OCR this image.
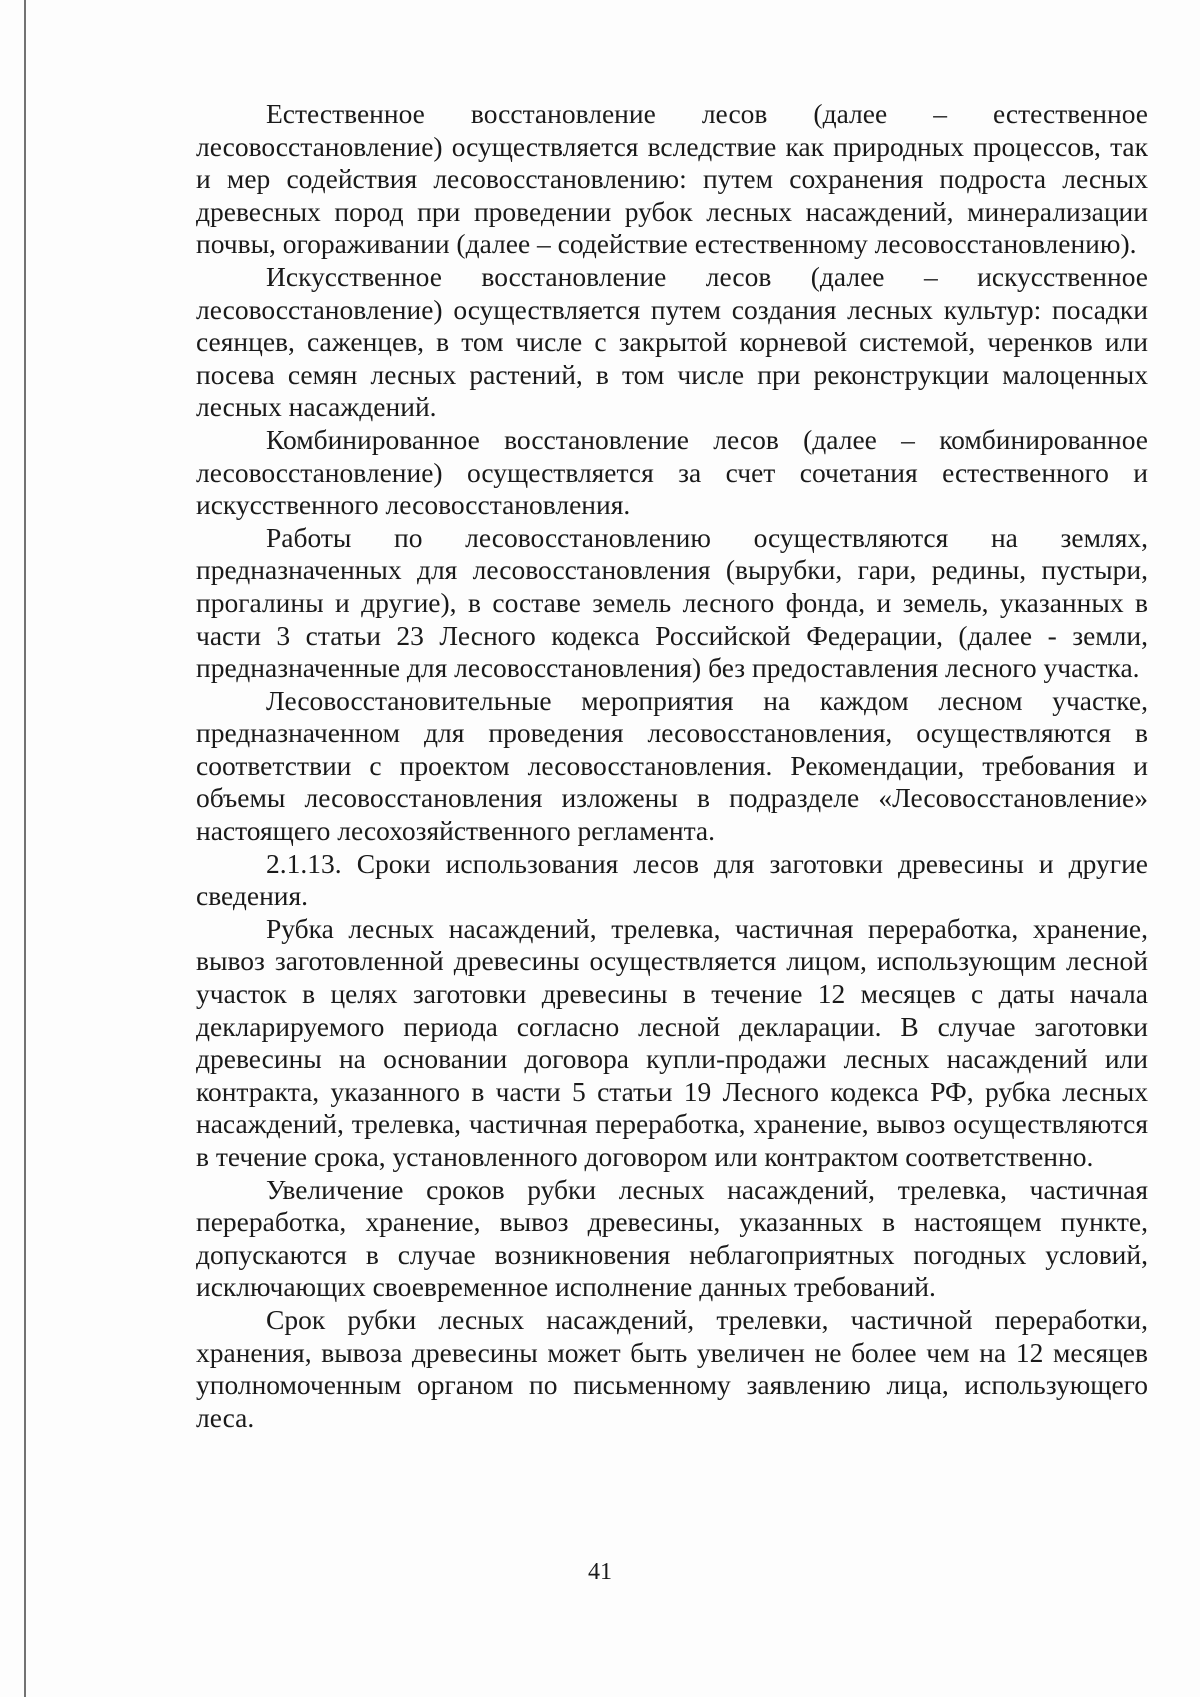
Естественное восстановление лесов (далее – естественное лесовосстановление) осуществляется вследствие как природных процессов, так и мер содействия лесовосстановлению: путем сохранения подроста лесных древесных пород при проведении рубок лесных насаждений, минерализации почвы, огораживании (далее – содействие естественному лесовосстановлению).

Искусственное восстановление лесов (далее – искусственное лесовосстановление) осуществляется путем создания лесных культур: посадки сеянцев, саженцев, в том числе с закрытой корневой системой, черенков или посева семян лесных растений, в том числе при реконструкции малоценных лесных насаждений.

Комбинированное восстановление лесов (далее – комбинированное лесовосстановление) осуществляется за счет сочетания естественного и искусственного лесовосстановления.

Работы по лесовосстановлению осуществляются на землях, предназначенных для лесовосстановления (вырубки, гари, редины, пустыри, прогалины и другие), в составе земель лесного фонда, и земель, указанных в части 3 статьи 23 Лесного кодекса Российской Федерации, (далее - земли, предназначенные для лесовосстановления) без предоставления лесного участка.

Лесовосстановительные мероприятия на каждом лесном участке, предназначенном для проведения лесовосстановления, осуществляются в соответствии с проектом лесовосстановления. Рекомендации, требования и объемы лесовосстановления изложены в подразделе «Лесовосстановление» настоящего лесохозяйственного регламента.

2.1.13. Сроки использования лесов для заготовки древесины и другие сведения.

Рубка лесных насаждений, трелевка, частичная переработка, хранение, вывоз заготовленной древесины осуществляется лицом, использующим лесной участок в целях заготовки древесины в течение 12 месяцев с даты начала декларируемого периода согласно лесной декларации. В случае заготовки древесины на основании договора купли-продажи лесных насаждений или контракта, указанного в части 5 статьи 19 Лесного кодекса РФ, рубка лесных насаждений, трелевка, частичная переработка, хранение, вывоз осуществляются в течение срока, установленного договором или контрактом соответственно.

Увеличение сроков рубки лесных насаждений, трелевка, частичная переработка, хранение, вывоз древесины, указанных в настоящем пункте, допускаются в случае возникновения неблагоприятных погодных условий, исключающих своевременное исполнение данных требований.

Срок рубки лесных насаждений, трелевки, частичной переработки, хранения, вывоза древесины может быть увеличен не более чем на 12 месяцев уполномоченным органом по письменному заявлению лица, использующего леса.

41
